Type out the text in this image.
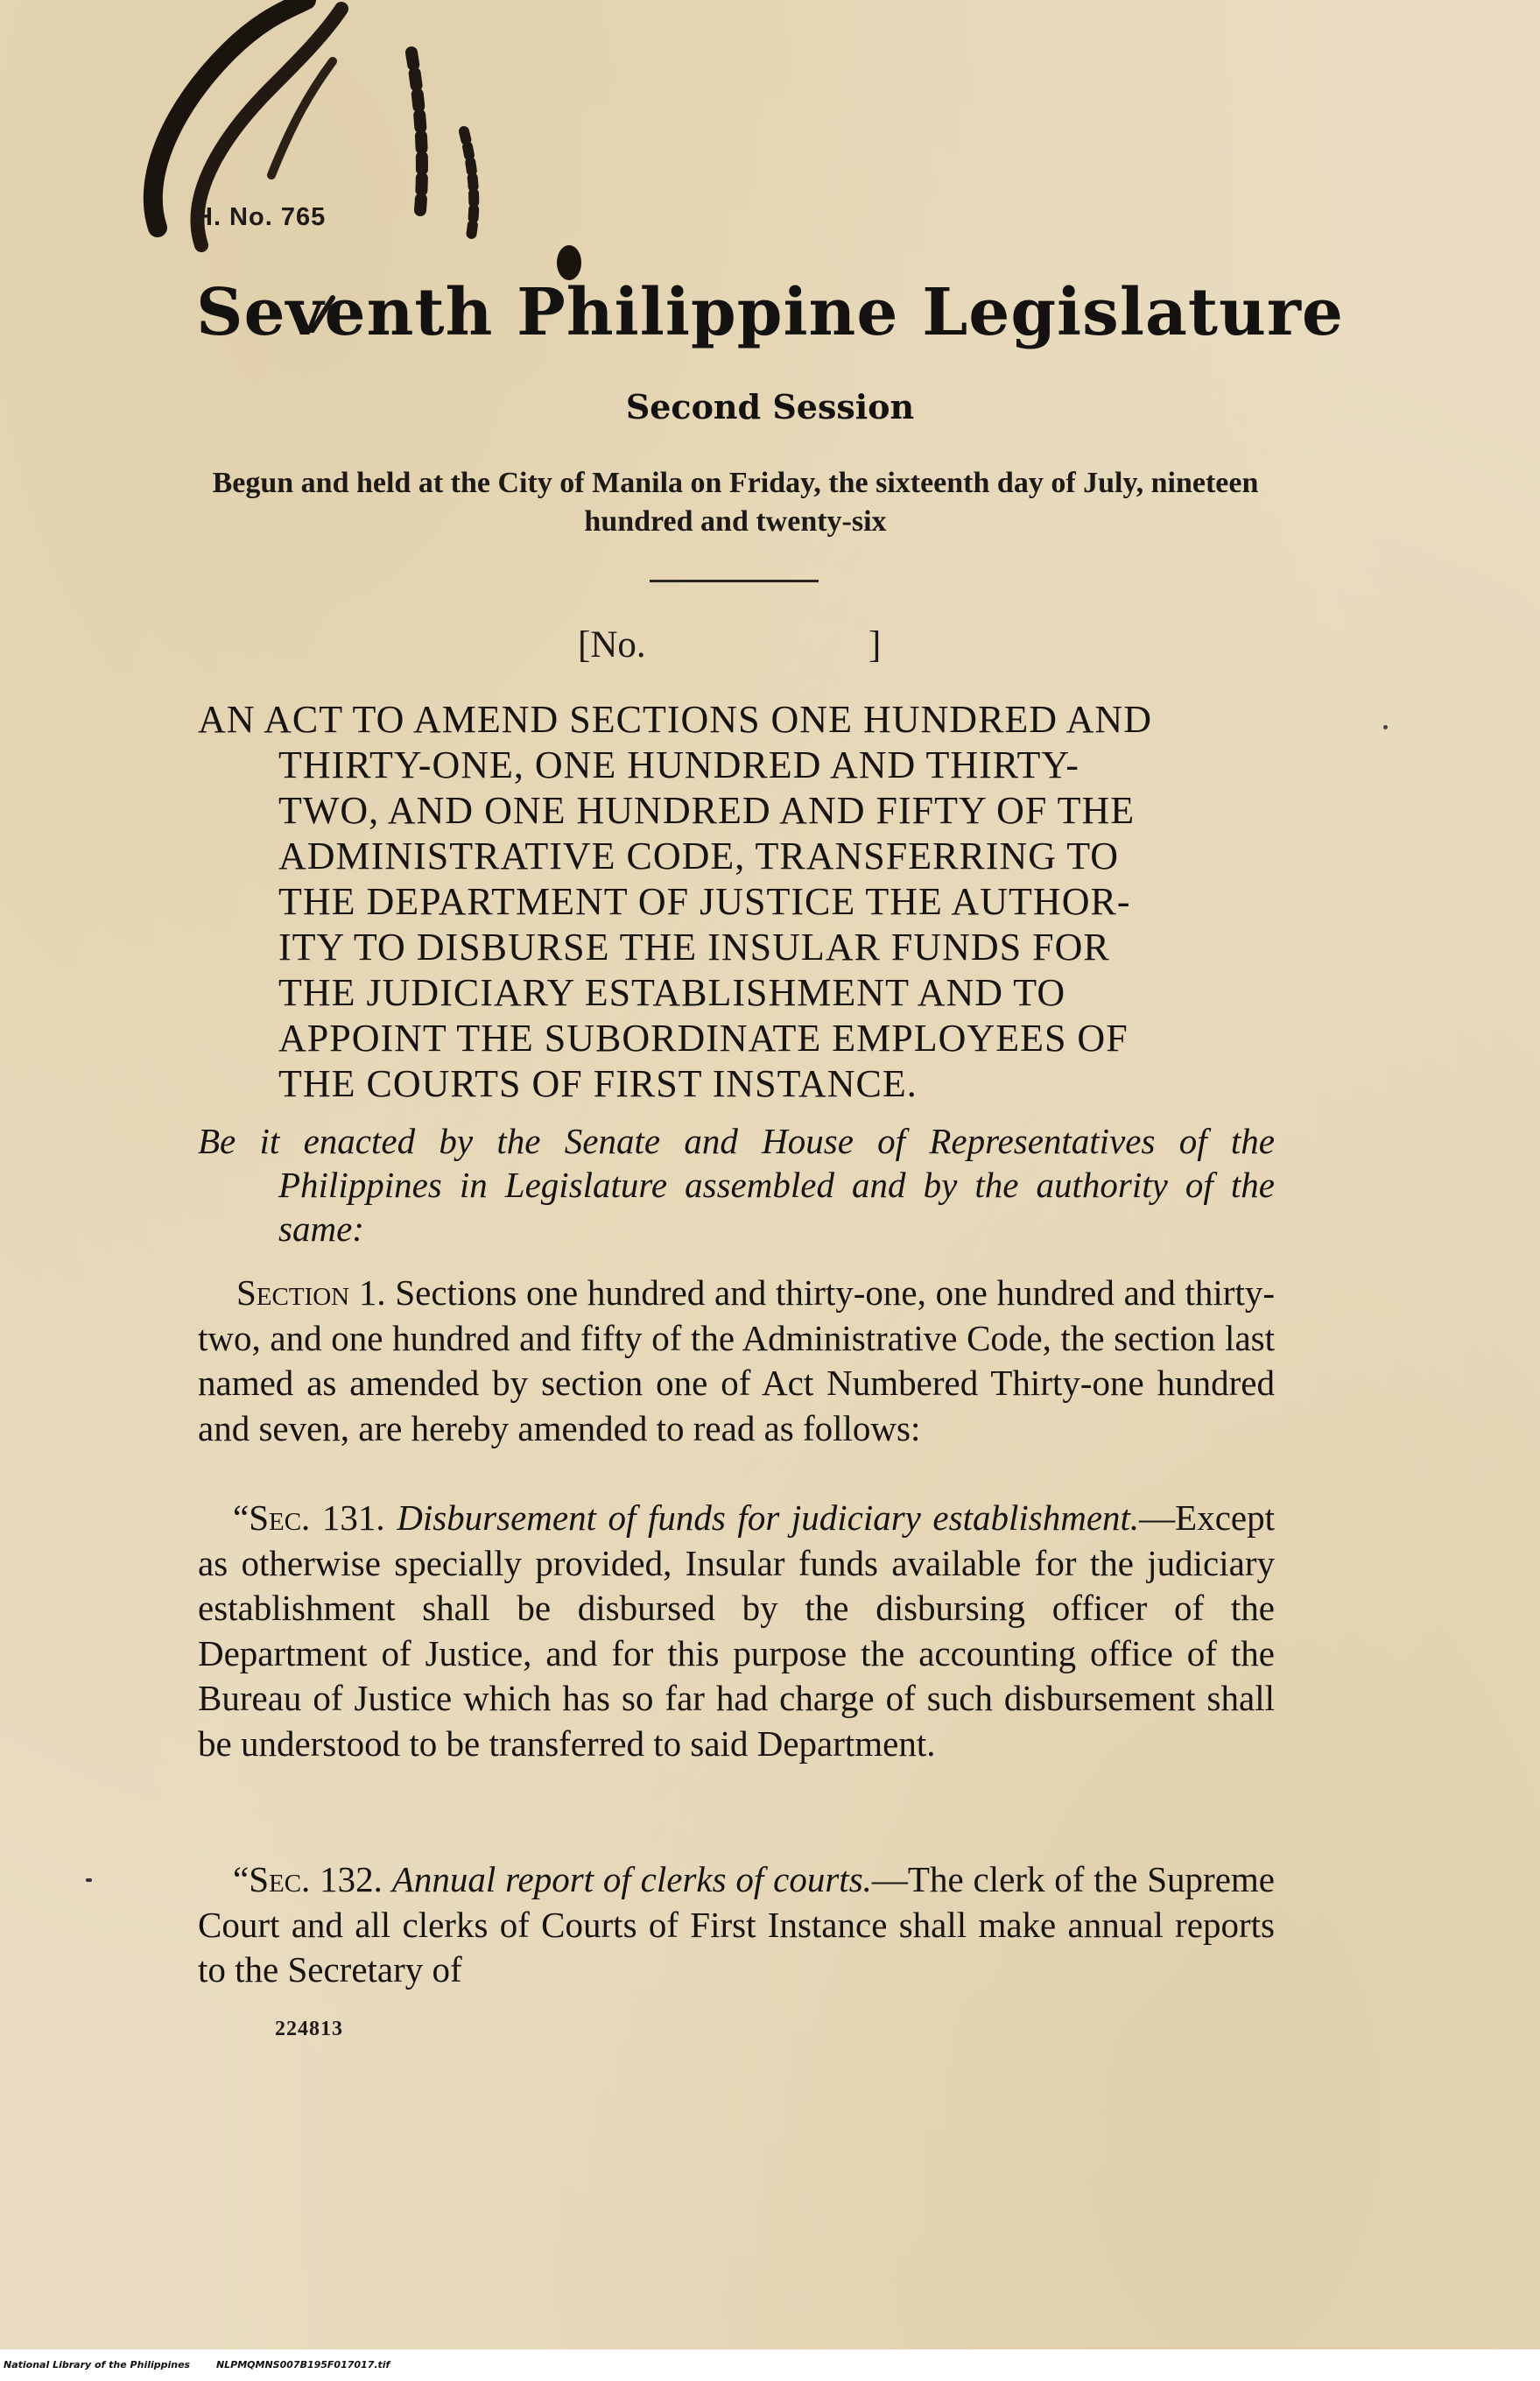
H. No. 765
Seventh Philippine Legislature
Second Session
Begun and held at the City of Manila on Friday, the sixteenth day of July, nineteen hundred and twenty-six
[No.	]
AN ACT TO AMEND SECTIONS ONE HUNDRED AND
THIRTY-ONE, ONE HUNDRED AND THIRTY-
TWO, AND ONE HUNDRED AND FIFTY OF THE
ADMINISTRATIVE CODE, TRANSFERRING TO
THE DEPARTMENT OF JUSTICE THE AUTHOR-
ITY TO DISBURSE THE INSULAR FUNDS FOR
THE JUDICIARY ESTABLISHMENT AND TO
APPOINT THE SUBORDINATE EMPLOYEES OF
THE COURTS OF FIRST INSTANCE.
Be it enacted by the Senate and House of Representatives of the Philippines in Legislature assembled and by the authority of the same:
Section 1. Sections one hundred and thirty-one, one hundred and thirty-two, and one hundred and fifty of the Administrative Code, the section last named as amended by section one of Act Numbered Thirty-one hundred and seven, are hereby amended to read as follows:
“Sec. 131. Disbursement of funds for judiciary establishment.—Except as otherwise specially provided, Insular funds available for the judiciary establishment shall be disbursed by the disbursing officer of the Department of Justice, and for this purpose the accounting office of the Bureau of Justice which has so far had charge of such disbursement shall be understood to be transferred to said Department.
“Sec. 132. Annual report of clerks of courts.—The clerk of the Supreme Court and all clerks of Courts of First Instance shall make annual reports to the Secretary of
224813
National Library of the Philippines	NLPMQMNS007B195F017017.tif
